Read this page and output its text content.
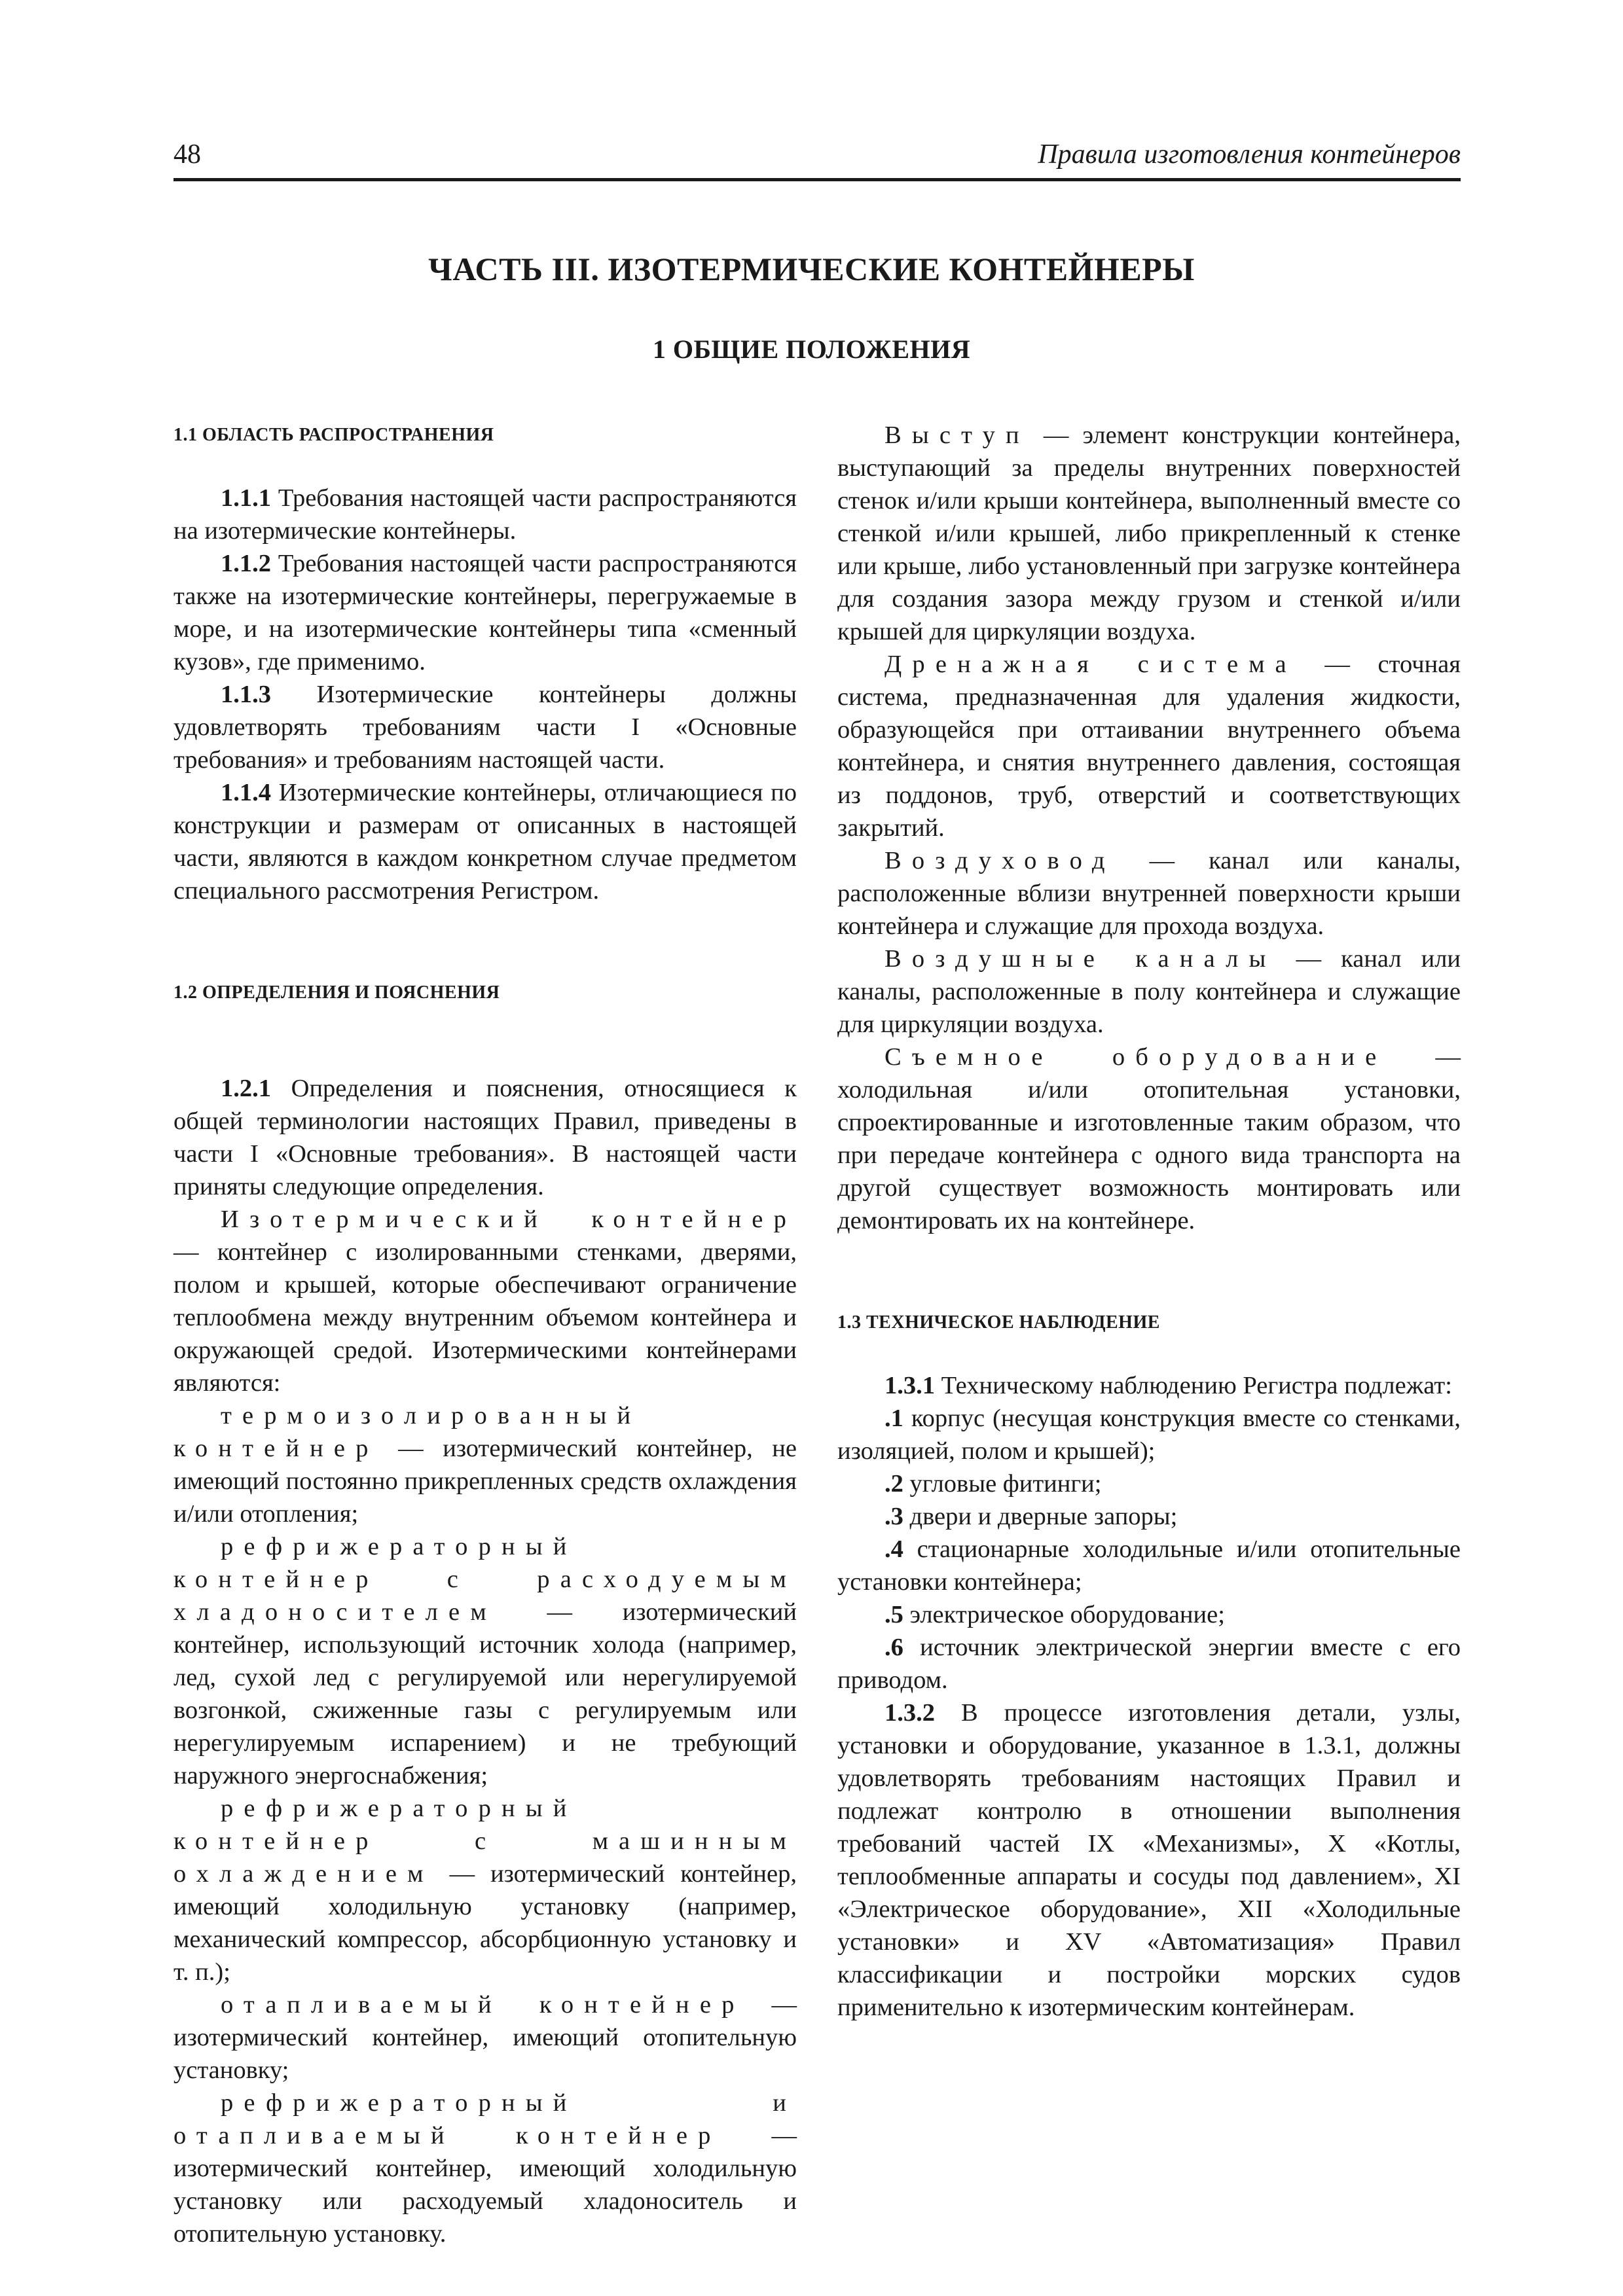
48	Правила изготовления контейнеров
ЧАСТЬ III. ИЗОТЕРМИЧЕСКИЕ КОНТЕЙНЕРЫ
1 ОБЩИЕ ПОЛОЖЕНИЯ

1.1 ОБЛАСТЬ РАСПРОСТРАНЕНИЯ

1.1.1 Требования настоящей части распространяются на изотермические контейнеры.

1.1.2 Требования настоящей части распространяются также на изотермические контейнеры, перегружаемые в море, и на изотермические контейнеры типа «сменный кузов», где применимо.

1.1.3 Изотермические контейнеры должны удовлетворять требованиям части I «Основные требования» и требованиям настоящей части.

1.1.4 Изотермические контейнеры, отличающиеся по конструкции и размерам от описанных в настоящей части, являются в каждом конкретном случае предметом специального рассмотрения Регистром.

1.2 ОПРЕДЕЛЕНИЯ И ПОЯСНЕНИЯ

1.2.1 Определения и пояснения, относящиеся к общей терминологии настоящих Правил, приведены в части I «Основные требования». В настоящей части приняты следующие определения.

Изотермический контейнер — контейнер с изолированными стенками, дверями, полом и крышей, которые обеспечивают ограничение теплообмена между внутренним объемом контейнера и окружающей средой. Изотермическими контейнерами являются:

термоизолированный контейнер — изотермический контейнер, не имеющий постоянно прикрепленных средств охлаждения и/или отопления;

рефрижераторный контейнер с расходуемым хладоносителем — изотермический контейнер, использующий источник холода (например, лед, сухой лед с регулируемой или нерегулируемой возгонкой, сжиженные газы с регулируемым или нерегулируемым испарением) и не требующий наружного энергоснабжения;

рефрижераторный контейнер с машинным охлаждением — изотермический контейнер, имеющий холодильную установку (например, механический компрессор, абсорбционную установку и т. п.);

отапливаемый контейнер — изотермический контейнер, имеющий отопительную установку;

рефрижераторный и отапливаемый контейнер — изотермический контейнер, имеющий холодильную установку или расходуемый хладоноситель и отопительную установку.

Выступ — элемент конструкции контейнера, выступающий за пределы внутренних поверхностей стенок и/или крыши контейнера, выполненный вместе со стенкой и/или крышей, либо прикрепленный к стенке или крыше, либо установленный при загрузке контейнера для создания зазора между грузом и стенкой и/или крышей для циркуляции воздуха.

Дренажная система — сточная система, предназначенная для удаления жидкости, образующейся при оттаивании внутреннего объема контейнера, и снятия внутреннего давления, состоящая из поддонов, труб, отверстий и соответствующих закрытий.

Воздуховод — канал или каналы, расположенные вблизи внутренней поверхности крыши контейнера и служащие для прохода воздуха.

Воздушные каналы — канал или каналы, расположенные в полу контейнера и служащие для циркуляции воздуха.

Съемное оборудование — холодильная и/или отопительная установки, спроектированные и изготовленные таким образом, что при передаче контейнера с одного вида транспорта на другой существует возможность монтировать или демонтировать их на контейнере.

1.3 ТЕХНИЧЕСКОЕ НАБЛЮДЕНИЕ

1.3.1 Техническому наблюдению Регистра подлежат:

.1 корпус (несущая конструкция вместе со стенками, изоляцией, полом и крышей);

.2 угловые фитинги;

.3 двери и дверные запоры;

.4 стационарные холодильные и/или отопительные установки контейнера;

.5 электрическое оборудование;

.6 источник электрической энергии вместе с его приводом.

1.3.2 В процессе изготовления детали, узлы, установки и оборудование, указанное в 1.3.1, должны удовлетворять требованиям настоящих Правил и подлежат контролю в отношении выполнения требований частей IX «Механизмы», X «Котлы, теплообменные аппараты и сосуды под давлением», XI «Электрическое оборудование», XII «Холодильные установки» и XV «Автоматизация» Правил классификации и постройки морских судов применительно к изотермическим контейнерам.
